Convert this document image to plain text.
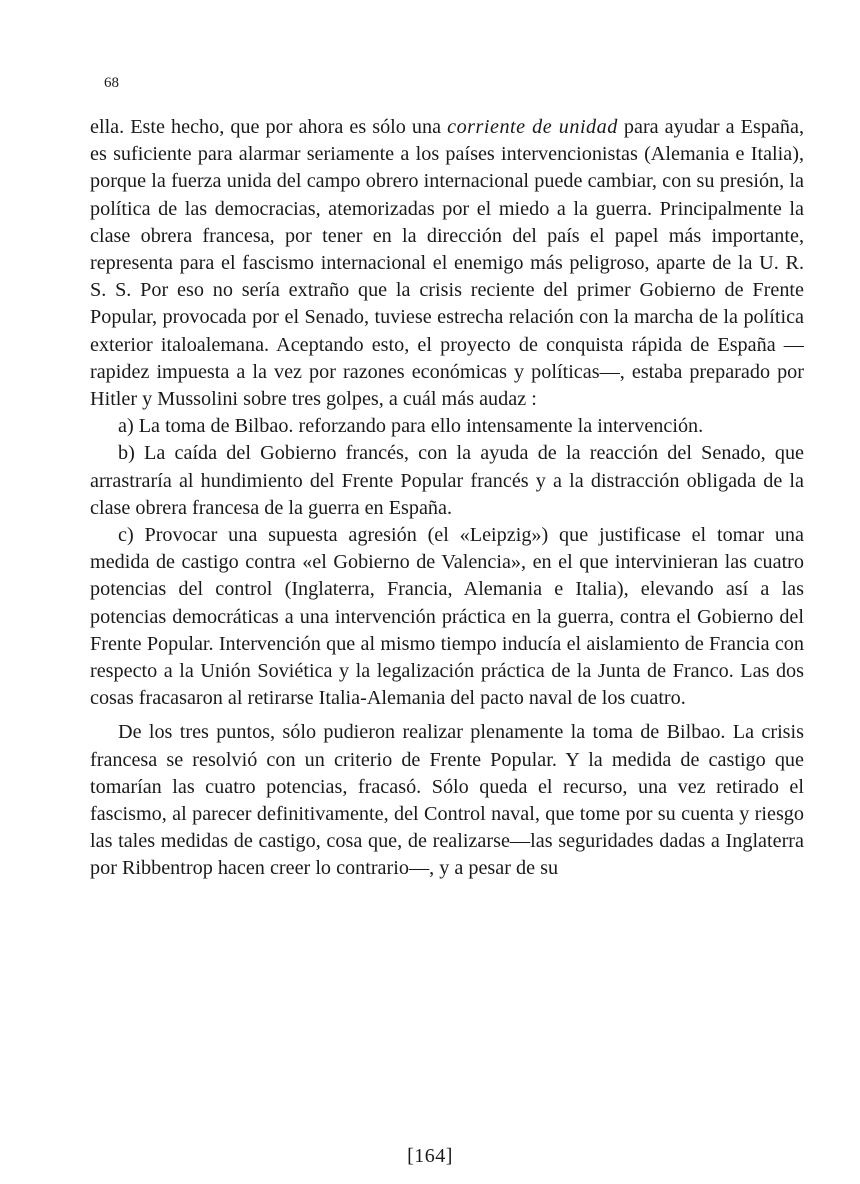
68

ella. Este hecho, que por ahora es sólo una corriente de unidad para ayudar a España, es suficiente para alarmar seriamente a los países intervencionistas (Alemania e Italia), porque la fuerza unida del campo obrero internacional puede cambiar, con su presión, la política de las democracias, atemorizadas por el miedo a la guerra. Principalmente la clase obrera francesa, por tener en la dirección del país el papel más importante, representa para el fascismo internacional el enemigo más peligroso, aparte de la U. R. S. S. Por eso no sería extraño que la crisis reciente del primer Gobierno de Frente Popular, provocada por el Senado, tuviese estrecha relación con la marcha de la política exterior italoalemana. Aceptando esto, el proyecto de conquista rápida de España —rapidez impuesta a la vez por razones económicas y políticas—, estaba preparado por Hitler y Mussolini sobre tres golpes, a cuál más audaz :

a) La toma de Bilbao. reforzando para ello intensamente la intervención.

b) La caída del Gobierno francés, con la ayuda de la reacción del Senado, que arrastraría al hundimiento del Frente Popular francés y a la distracción obligada de la clase obrera francesa de la guerra en España.

c) Provocar una supuesta agresión (el «Leipzig») que justificase el tomar una medida de castigo contra «el Gobierno de Valencia», en el que intervinieran las cuatro potencias del control (Inglaterra, Francia, Alemania e Italia), elevando así a las potencias democráticas a una intervención práctica en la guerra, contra el Gobierno del Frente Popular. Intervención que al mismo tiempo inducía el aislamiento de Francia con respecto a la Unión Soviética y la legalización práctica de la Junta de Franco. Las dos cosas fracasaron al retirarse Italia-Alemania del pacto naval de los cuatro.

De los tres puntos, sólo pudieron realizar plenamente la toma de Bilbao. La crisis francesa se resolvió con un criterio de Frente Popular. Y la medida de castigo que tomarían las cuatro potencias, fracasó. Sólo queda el recurso, una vez retirado el fascismo, al parecer definitivamente, del Control naval, que tome por su cuenta y riesgo las tales medidas de castigo, cosa que, de realizarse—las seguridades dadas a Inglaterra por Ribbentrop hacen creer lo contrario—, y a pesar de su

[164]
